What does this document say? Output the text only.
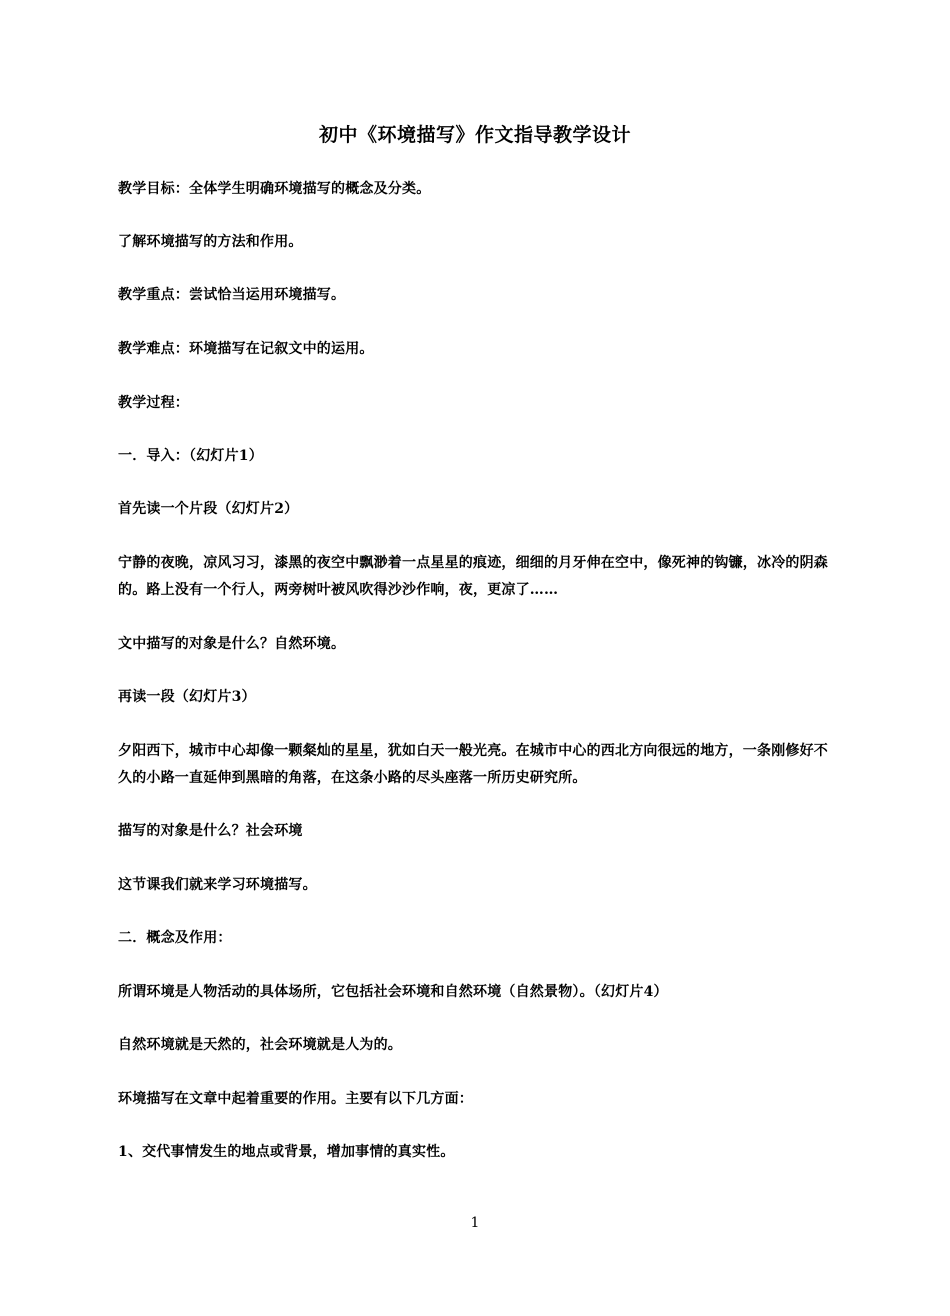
初中《环境描写》作文指导教学设计
教学目标：全体学生明确环境描写的概念及分类。
了解环境描写的方法和作用。
教学重点：尝试恰当运用环境描写。
教学难点：环境描写在记叙文中的运用。
教学过程：
一．导入：（幻灯片1）
首先读一个片段（幻灯片2）
宁静的夜晚，凉风习习，漆黑的夜空中飘渺着一点星星的痕迹，细细的月牙伸在空中，像死神的钩镰，冰冷的阴森的。路上没有一个行人，两旁树叶被风吹得沙沙作响，夜，更凉了……
文中描写的对象是什么？自然环境。
再读一段（幻灯片3）
夕阳西下，城市中心却像一颗粲灿的星星，犹如白天一般光亮。在城市中心的西北方向很远的地方，一条刚修好不久的小路一直延伸到黑暗的角落，在这条小路的尽头座落一所历史研究所。
描写的对象是什么？社会环境
这节课我们就来学习环境描写。
二．概念及作用：
所谓环境是人物活动的具体场所，它包括社会环境和自然环境（自然景物）。（幻灯片4）
自然环境就是天然的，社会环境就是人为的。
环境描写在文章中起着重要的作用。主要有以下几方面：
1、交代事情发生的地点或背景，增加事情的真实性。
1
